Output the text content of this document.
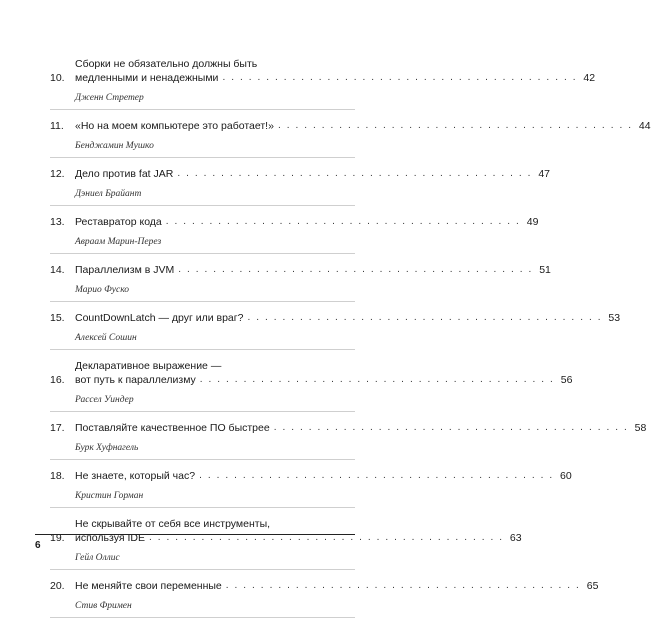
10.
Сборки не обязательно должны быть
медленными и ненадежными . . . . . . . . . . . . . . . . . . . . . . . . . . . . . . . . . . . . . . . . . 42
Дженн Стретер
11.	«Но на моем компьютере это работает!» . . . . . . . . . . . . . . . . . . . . . . . . . . . . . . . . . . . . . . . . . 44
Бенджамин Мушко
12. Дело против fat JAR . . . . . . . . . . . . . . . . . . . . . . . . . . . . . . . . . . . . . . . . . 47
Дэниел Брайант
13. Реставратор кода . . . . . . . . . . . . . . . . . . . . . . . . . . . . . . . . . . . . . . . . . 49
Авраам Марин-Перез
14. Параллелизм в JVM . . . . . . . . . . . . . . . . . . . . . . . . . . . . . . . . . . . . . . . . . 51
Марио Фуско
15. CountDownLatch — друг или враг? . . . . . . . . . . . . . . . . . . . . . . . . . . . . . . . . . . . . . . . . . 53
Алексей Сошин
16.
Декларативное выражение —
вот путь к параллелизму . . . . . . . . . . . . . . . . . . . . . . . . . . . . . . . . . . . . . . . . . 56
Рассел Уиндер
17. Поставляйте качественное ПО быстрее . . . . . . . . . . . . . . . . . . . . . . . . . . . . . . . . . . . . . . . . . 58
Бурк Хуфнагель
18. Не знаете, который час? . . . . . . . . . . . . . . . . . . . . . . . . . . . . . . . . . . . . . . . . . 60
Кристин Горман
19.
Не скрывайте от себя все инструменты,
используя IDE . . . . . . . . . . . . . . . . . . . . . . . . . . . . . . . . . . . . . . . . . 63
Гейл Оллис
20. Не меняйте свои переменные . . . . . . . . . . . . . . . . . . . . . . . . . . . . . . . . . . . . . . . . . 65
Стив Фримен
6
